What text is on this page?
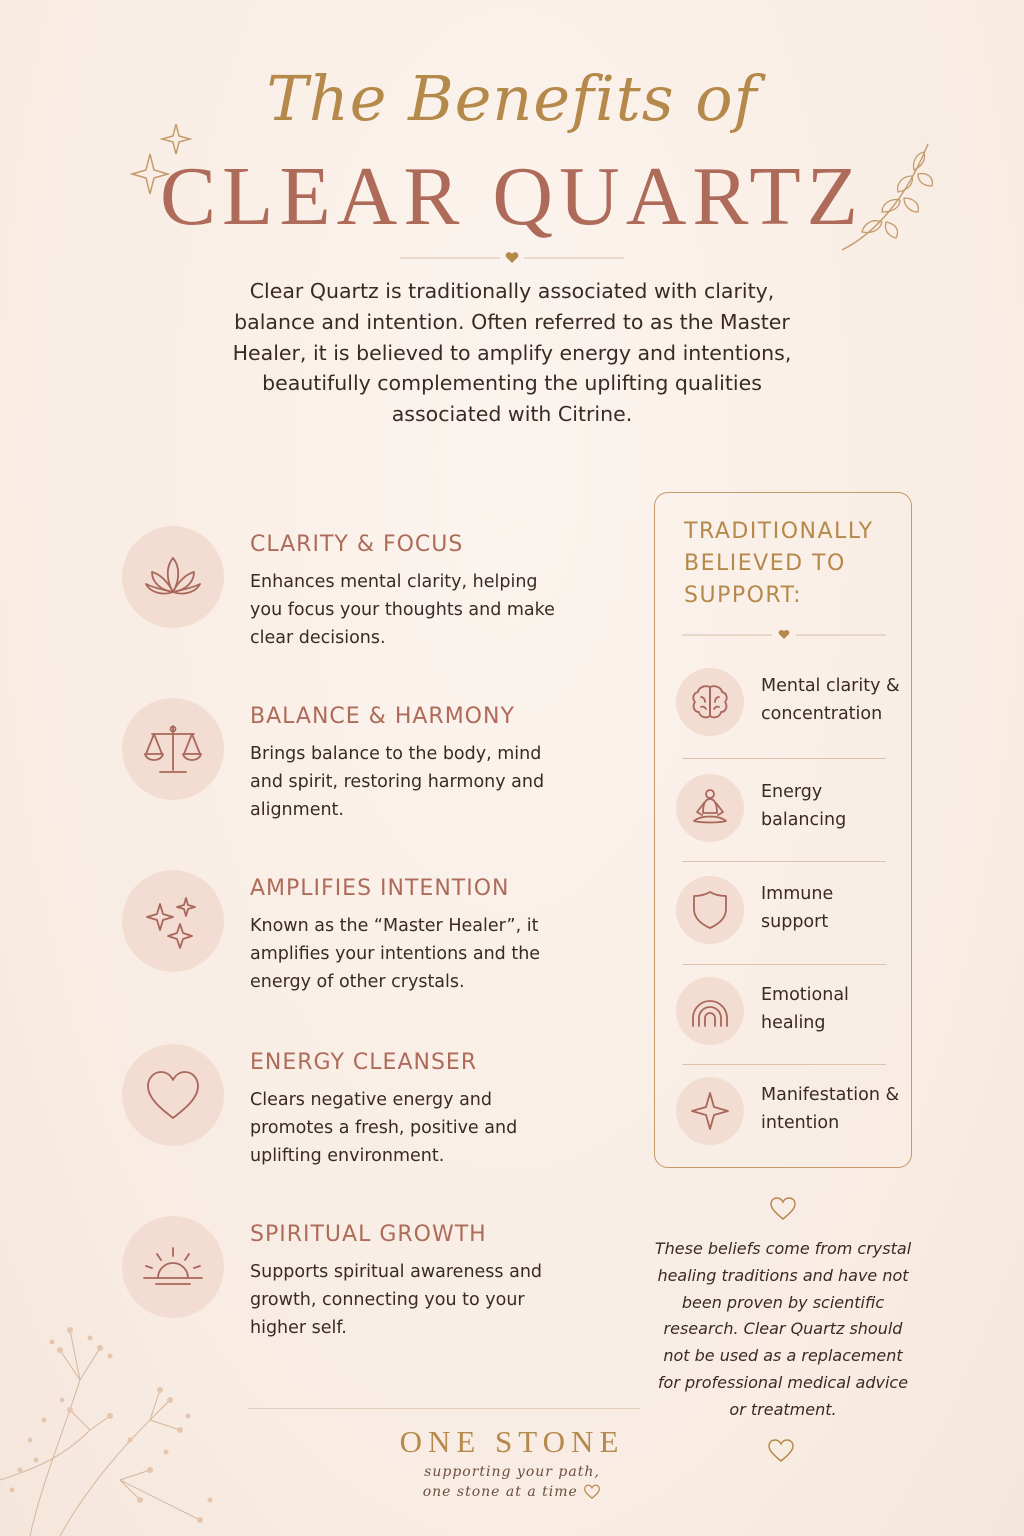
The Benefits of
CLEAR QUARTZ
Clear Quartz is traditionally associated with clarity, balance and intention. Often referred to as the Master Healer, it is believed to amplify energy and intentions, beautifully complementing the uplifting qualities associated with Citrine.
CLARITY & FOCUS
Enhances mental clarity, helping you focus your thoughts and make clear decisions.
BALANCE & HARMONY
Brings balance to the body, mind and spirit, restoring harmony and alignment.
AMPLIFIES INTENTION
Known as the “Master Healer”, it amplifies your intentions and the energy of other crystals.
ENERGY CLEANSER
Clears negative energy and promotes a fresh, positive and uplifting environment.
SPIRITUAL GROWTH
Supports spiritual awareness and growth, connecting you to your higher self.
TRADITIONALLY BELIEVED TO SUPPORT:
Mental clarity & concentration
Energy balancing
Immune support
Emotional healing
Manifestation & intention
These beliefs come from crystal healing traditions and have not been proven by scientific research. Clear Quartz should not be used as a replacement for professional medical advice or treatment.
ONE STONE
supporting your path,
one stone at a time
